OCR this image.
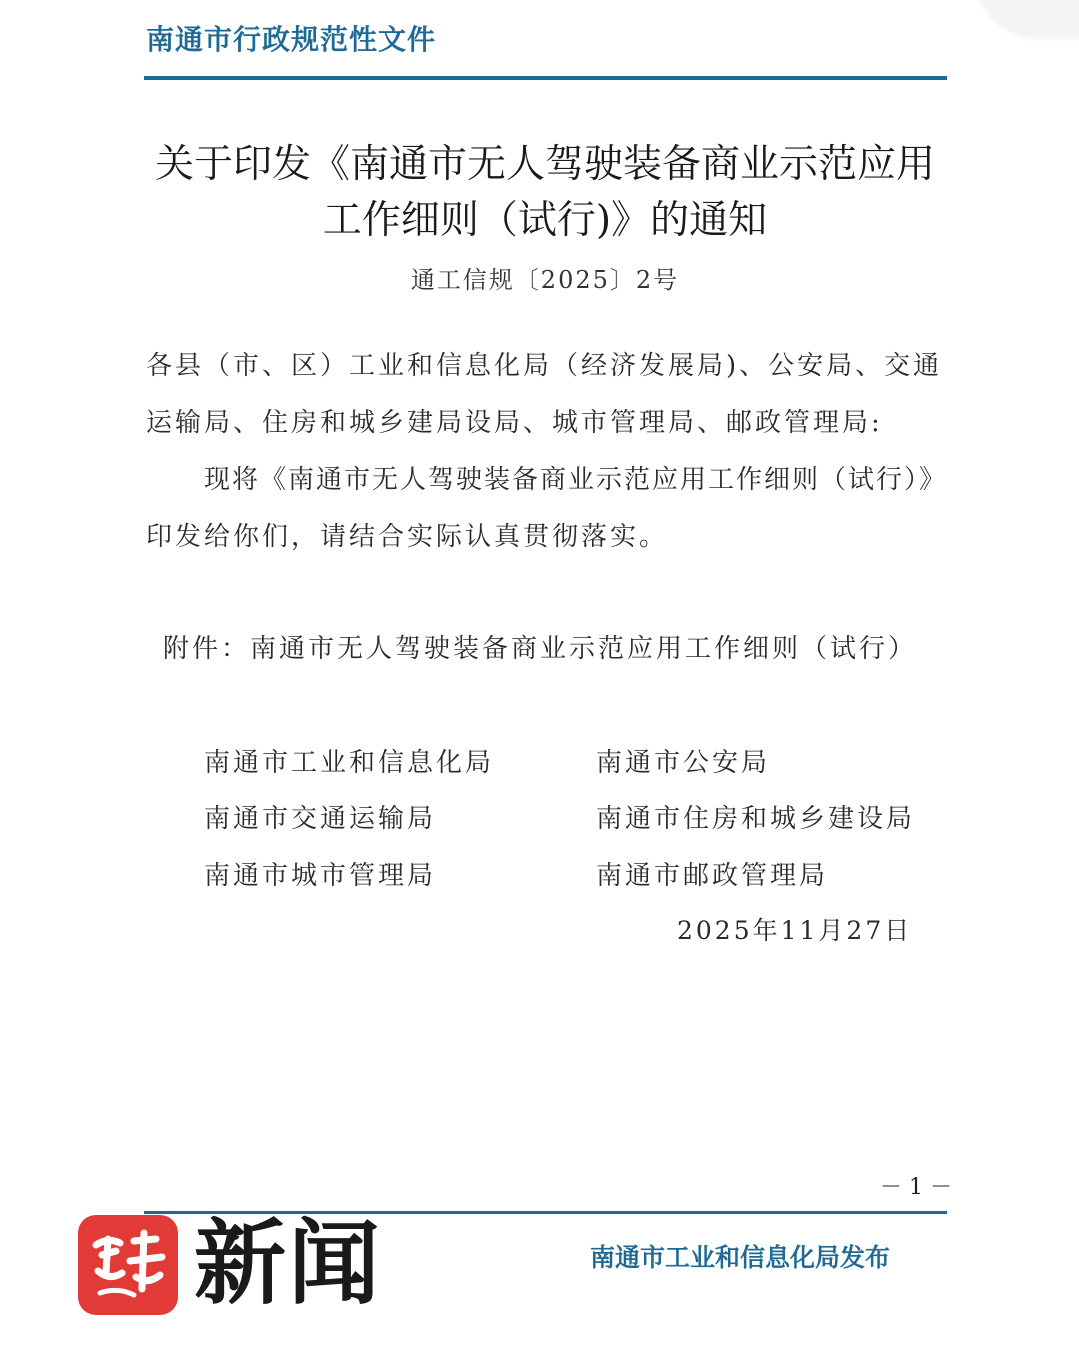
南通市行政规范性文件
关于印发《南通市无人驾驶装备商业示范应用
工作细则（试行)》的通知
通工信规〔2025〕2号
各县（市、区）工业和信息化局（经济发展局)、公安局、交通
运输局、住房和城乡建局设局、城市管理局、邮政管理局:
现将《南通市无人驾驶装备商业示范应用工作细则（试行）》
印发给你们，请结合实际认真贯彻落实。
附件：南通市无人驾驶装备商业示范应用工作细则（试行）
南通市工业和信息化局
南通市交通运输局
南通市城市管理局
南通市公安局
南通市住房和城乡建设局
南通市邮政管理局
2025年11月27日
－ 1 －
新闻	南通市工业和信息化局发布
